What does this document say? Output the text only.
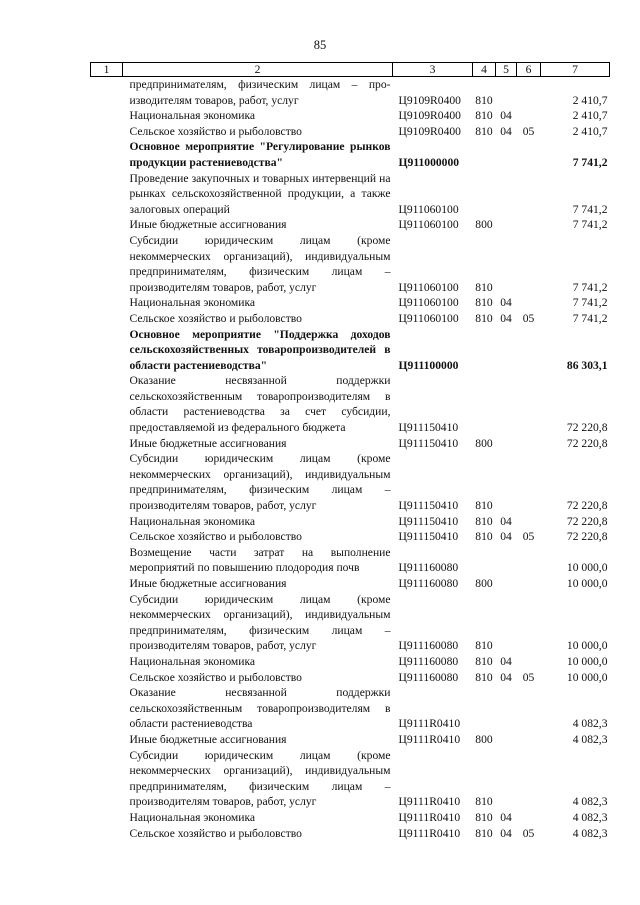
85
1	2	3	4	5	6	7
	предпринимателям, физическим лицам – про-изводителям товаров, работ, услуг	Ц9109R0400	810			2 410,7
	Национальная экономика	Ц9109R0400	810	04		2 410,7
	Сельское хозяйство и рыболовство	Ц9109R0400	810	04	05	2 410,7
	Основное мероприятие "Регулирование рынков продукции растениеводства"	Ц911000000				7 741,2
	Проведение закупочных и товарных интервенций на рынках сельскохозяйственной продукции, а также залоговых операций	Ц911060100				7 741,2
	Иные бюджетные ассигнования	Ц911060100	800			7 741,2
	Субсидии юридическим лицам (кроме некоммерческих организаций), индивидуальным предпринимателям, физическим лицам – производителям товаров, работ, услуг	Ц911060100	810			7 741,2
	Национальная экономика	Ц911060100	810	04		7 741,2
	Сельское хозяйство и рыболовство	Ц911060100	810	04	05	7 741,2
	Основное мероприятие "Поддержка доходов сельскохозяйственных товаропроизводителей в области растениеводства"	Ц911100000				86 303,1
	Оказание несвязанной поддержки сельскохозяйственным товаропроизводителям в области растениеводства за счет субсидии, предоставляемой из федерального бюджета	Ц911150410				72 220,8
	Иные бюджетные ассигнования	Ц911150410	800			72 220,8
	Субсидии юридическим лицам (кроме некоммерческих организаций), индивидуальным предпринимателям, физическим лицам – производителям товаров, работ, услуг	Ц911150410	810			72 220,8
	Национальная экономика	Ц911150410	810	04		72 220,8
	Сельское хозяйство и рыболовство	Ц911150410	810	04	05	72 220,8
	Возмещение части затрат на выполнение мероприятий по повышению плодородия почв	Ц911160080				10 000,0
	Иные бюджетные ассигнования	Ц911160080	800			10 000,0
	Субсидии юридическим лицам (кроме некоммерческих организаций), индивидуальным предпринимателям, физическим лицам – производителям товаров, работ, услуг	Ц911160080	810			10 000,0
	Национальная экономика	Ц911160080	810	04		10 000,0
	Сельское хозяйство и рыболовство	Ц911160080	810	04	05	10 000,0
	Оказание несвязанной поддержки сельскохозяйственным товаропроизводителям в области растениеводства	Ц9111R0410				4 082,3
	Иные бюджетные ассигнования	Ц9111R0410	800			4 082,3
	Субсидии юридическим лицам (кроме некоммерческих организаций), индивидуальным предпринимателям, физическим лицам – производителям товаров, работ, услуг	Ц9111R0410	810			4 082,3
	Национальная экономика	Ц9111R0410	810	04		4 082,3
	Сельское хозяйство и рыболовство	Ц9111R0410	810	04	05	4 082,3
